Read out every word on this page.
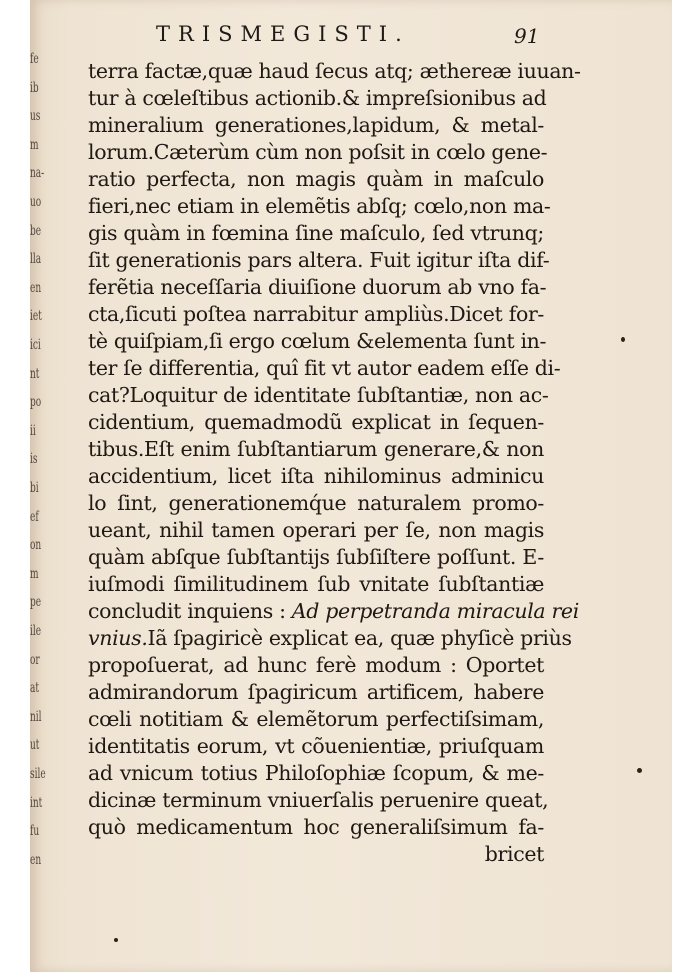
fe
ib
us
m
na-
uo
be
lla
en
iet
ici
nt
po
ii
is
bi
ef
on
m
pe
ile
or
at
nil
ut
sile
int
fu
en
TRISMEGISTI.	91
terra factæ,quæ haud ſecus atq; æthereæ iuuan-
tur à cœleſtibus actionib.& impreſsionibus ad
mineralium generationes,lapidum, & metal-
lorum.Cæterùm cùm non poſsit in cœlo gene-
ratio perfecta, non magis quàm in maſculo
fieri,nec etiam in elemẽtis abſq; cœlo,non ma-
gis quàm in fœmina ſine maſculo, ſed vtrunq;
ſit generationis pars altera. Fuit igitur iſta dif-
ferẽtia neceſſaria diuiſione duorum ab vno fa-
cta,ſicuti poſtea narrabitur ampliùs.Dicet for-
tè quiſpiam,ſi ergo cœlum &elementa ſunt in-
ter ſe differentia, quî fit vt autor eadem eſſe di-
cat?Loquitur de identitate ſubſtantiæ, non ac-
cidentium, quemadmodũ explicat in ſequen-
tibus.Eſt enim ſubſtantiarum generare,& non
accidentium, licet iſta nihilominus adminicu
lo ſint, generationemq́ue naturalem promo-
ueant, nihil tamen operari per ſe, non magis
quàm abſque ſubſtantijs ſubſiſtere poſſunt. E-
iuſmodi ſimilitudinem ſub vnitate ſubſtantiæ
concludit inquiens : Ad perpetranda miracula rei
vnius.Iã ſpagiricè explicat ea, quæ phyſicè priùs
propoſuerat, ad hunc ferè modum : Oportet
admirandorum ſpagiricum artificem, habere
cœli notitiam & elemẽtorum perfectiſsimam,
identitatis eorum, vt cõuenientiæ, priuſquam
ad vnicum totius Philoſophiæ ſcopum, & me-
dicinæ terminum vniuerſalis peruenire queat,
quò medicamentum hoc generaliſsimum fa-
bricet
